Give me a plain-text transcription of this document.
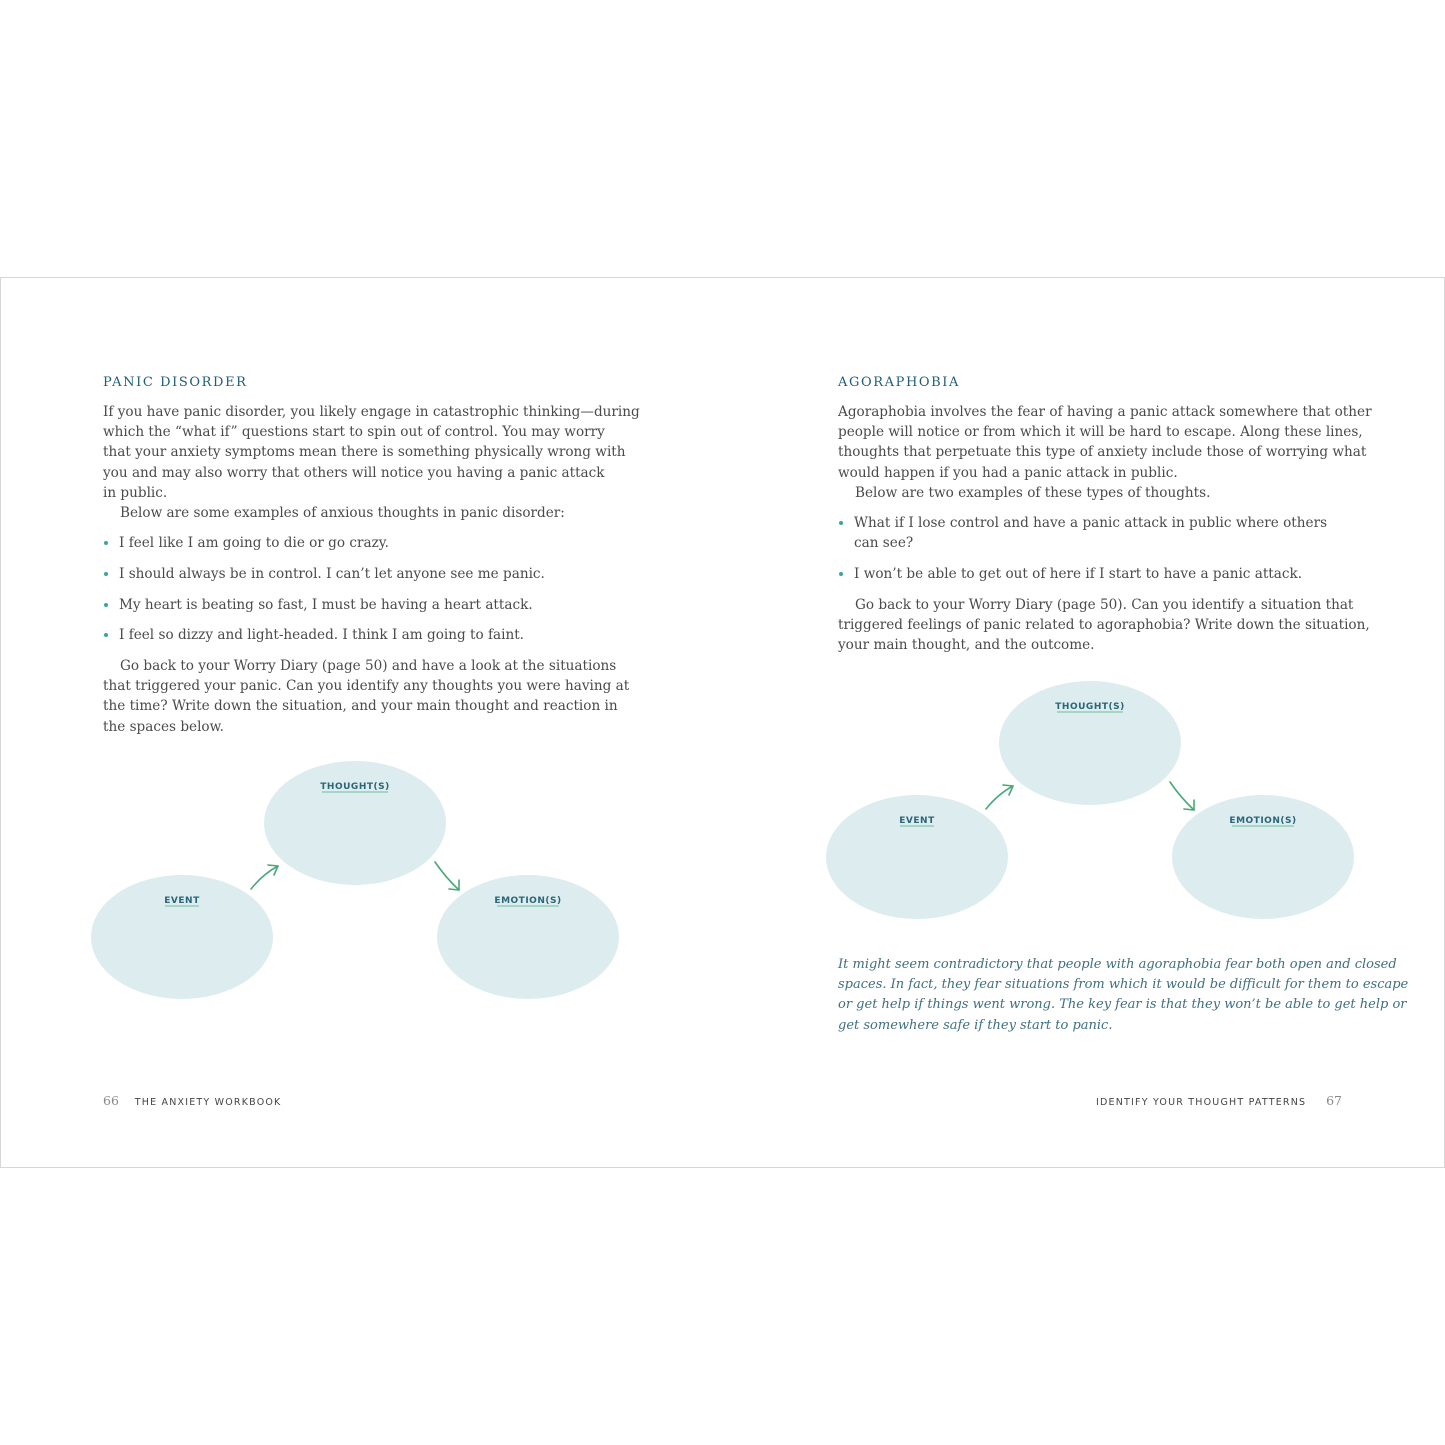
PANIC DISORDER

If you have panic disorder, you likely engage in catastrophic thinking—during

which the “what if” questions start to spin out of control. You may worry

that your anxiety symptoms mean there is something physically wrong with

you and may also worry that others will notice you having a panic attack

in public.

Below are some examples of anxious thoughts in panic disorder:

I feel like I am going to die or go crazy.
I should always be in control. I can’t let anyone see me panic.
My heart is beating so fast, I must be having a heart attack.
I feel so dizzy and light-headed. I think I am going to faint.

Go back to your Worry Diary (page 50) and have a look at the situations

that triggered your panic. Can you identify any thoughts you were having at

the time? Write down the situation, and your main thought and reaction in

the spaces below.

THOUGHT(S)
EVENT	EMOTION(S)
66 THE ANXIETY WORKBOOK
AGORAPHOBIA

Agoraphobia involves the fear of having a panic attack somewhere that other

people will notice or from which it will be hard to escape. Along these lines,

thoughts that perpetuate this type of anxiety include those of worrying what

would happen if you had a panic attack in public.

Below are two examples of these types of thoughts.

What if I lose control and have a panic attack in public where others
can see?
I won’t be able to get out of here if I start to have a panic attack.

Go back to your Worry Diary (page 50). Can you identify a situation that

triggered feelings of panic related to agoraphobia? Write down the situation,

your main thought, and the outcome.

THOUGHT(S)
EVENT	EMOTION(S)

It might seem contradictory that people with agoraphobia fear both open and closed

spaces. In fact, they fear situations from which it would be difficult for them to escape

or get help if things went wrong. The key fear is that they won’t be able to get help or

get somewhere safe if they start to panic.

IDENTIFY YOUR THOUGHT PATTERNS 67
